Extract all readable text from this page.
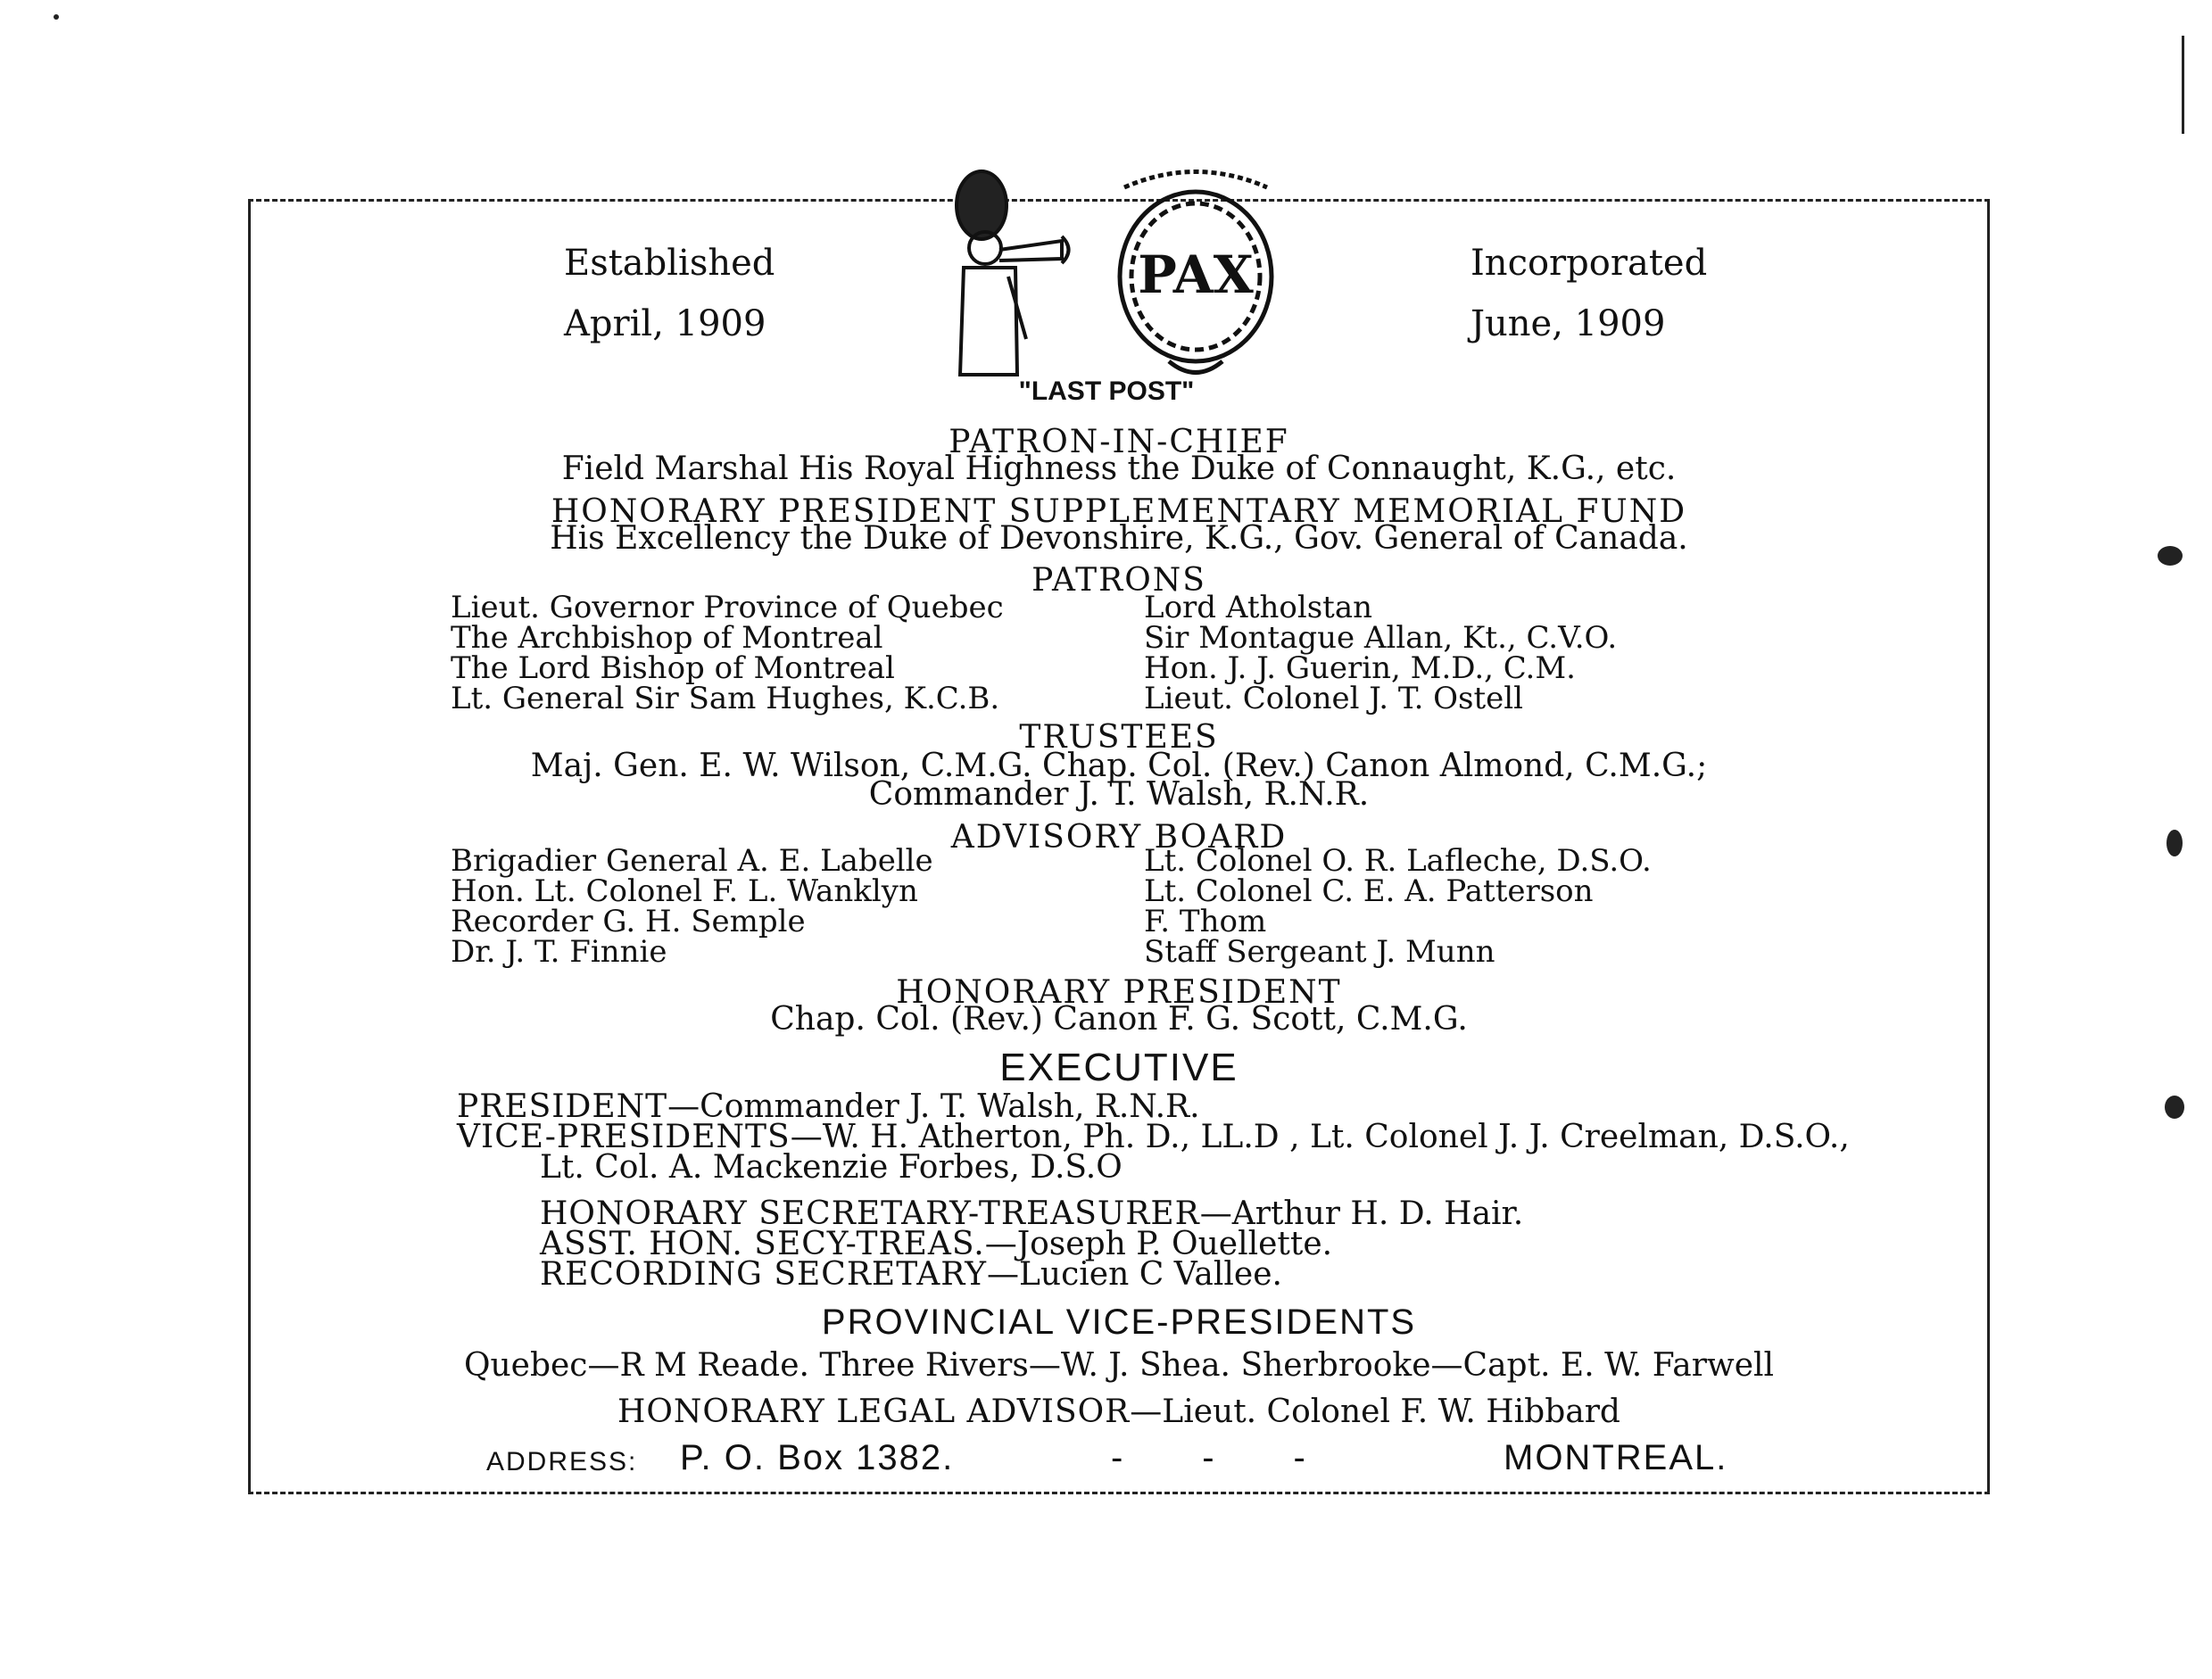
Established
April, 1909
Incorporated
June, 1909
PAX
"LAST POST"
PATRON-IN-CHIEF
Field Marshal His Royal Highness the Duke of Connaught, K.G., etc.
HONORARY PRESIDENT SUPPLEMENTARY MEMORIAL FUND
His Excellency the Duke of Devonshire, K.G., Gov. General of Canada.
PATRONS
Lieut. Governor Province of Quebec
The Archbishop of Montreal
The Lord Bishop of Montreal
Lt. General Sir Sam Hughes, K.C.B.
Lord Atholstan
Sir Montague Allan, Kt., C.V.O.
Hon. J. J. Guerin, M.D., C.M.
Lieut. Colonel J. T. Ostell
TRUSTEES
Maj. Gen. E. W. Wilson, C.M.G. Chap. Col. (Rev.) Canon Almond, C.M.G.;
Commander J. T. Walsh, R.N.R.
ADVISORY BOARD
Brigadier General A. E. Labelle
Hon. Lt. Colonel F. L. Wanklyn
Recorder G. H. Semple
Dr. J. T. Finnie
Lt. Colonel O. R. Lafleche, D.S.O.
Lt. Colonel C. E. A. Patterson
F. Thom
Staff Sergeant J. Munn
HONORARY PRESIDENT
Chap. Col. (Rev.) Canon F. G. Scott, C.M.G.
EXECUTIVE
PRESIDENT—Commander J. T. Walsh, R.N.R.
VICE-PRESIDENTS—W. H. Atherton, Ph. D., LL.D , Lt. Colonel J. J. Creelman, D.S.O.,
Lt. Col. A. Mackenzie Forbes, D.S.O
HONORARY SECRETARY-TREASURER—Arthur H. D. Hair.
ASST. HON. SECY-TREAS.—Joseph P. Ouellette.
RECORDING SECRETARY—Lucien C Vallee.
PROVINCIAL VICE-PRESIDENTS
Quebec—R M Reade. Three Rivers—W. J. Shea. Sherbrooke—Capt. E. W. Farwell
HONORARY LEGAL ADVISOR—Lieut. Colonel F. W. Hibbard
ADDRESS: P. O. Box 1382.	-        -        -	MONTREAL.
